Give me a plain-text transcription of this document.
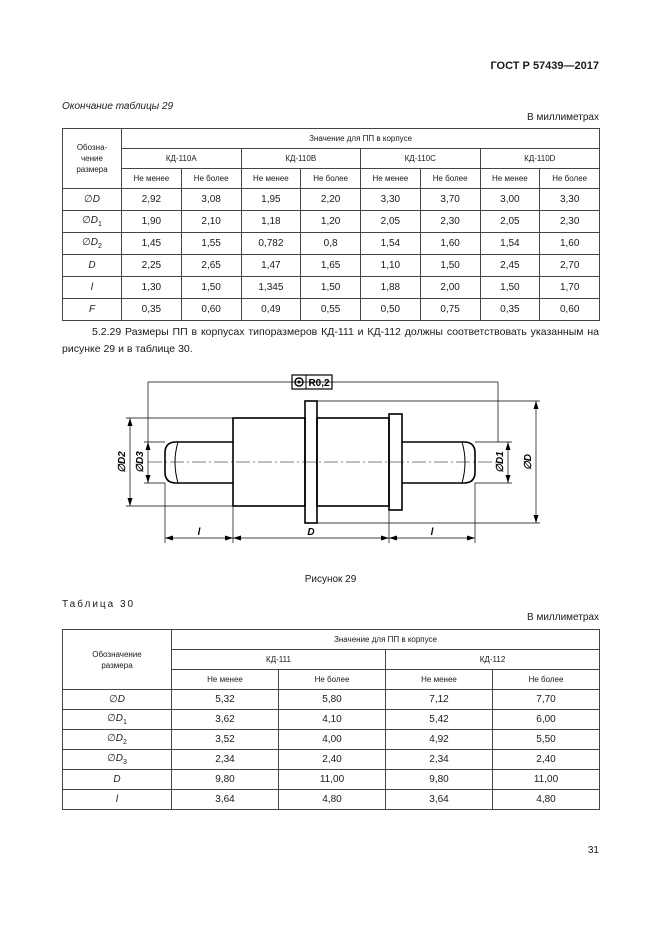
ГОСТ Р 57439—2017
Окончание таблицы 29
В миллиметрах
Обозна-
чение
размера	Значение для ПП в корпусе							
	КД-110А		КД-110В		КД-110С		КД-110D	
	Не менее	Не более	Не менее	Не более	Не менее	Не более	Не менее	Не более
∅D	2,92	3,08	1,95	2,20	3,30	3,70	3,00	3,30
$\emptyset D_1$	1,90	2,10	1,18	1,20	2,05	2,30	2,05	2,30
$\emptyset D_2$	1,45	1,55	0,782	0,8	1,54	1,60	1,54	1,60
D	2,25	2,65	1,47	1,65	1,10	1,50	2,45	2,70
l	1,30	1,50	1,345	1,50	1,88	2,00	1,50	1,70
F	0,35	0,60	0,49	0,55	0,50	0,75	0,35	0,60
5.2.29 Размеры ПП в корпусах типоразмеров КД-111 и КД-112 должны соответствовать указанным на рисунке 29 и в таблице 30.
R0,2
∅D2 ∅D3	∅D1 ∅D
l	D	l
Рисунок 29
Таблица 30
В миллиметрах
Обозначение
размера	Значение для ПП в корпусе			
	КД-111		КД-112	
	Не менее	Не более	Не менее	Не более
∅D	5,32	5,80	7,12	7,70
$\emptyset D_1$	3,62	4,10	5,42	6,00
$\emptyset D_2$	3,52	4,00	4,92	5,50
$\emptyset D_3$	2,34	2,40	2,34	2,40
D	9,80	11,00	9,80	11,00
l	3,64	4,80	3,64	4,80
31
